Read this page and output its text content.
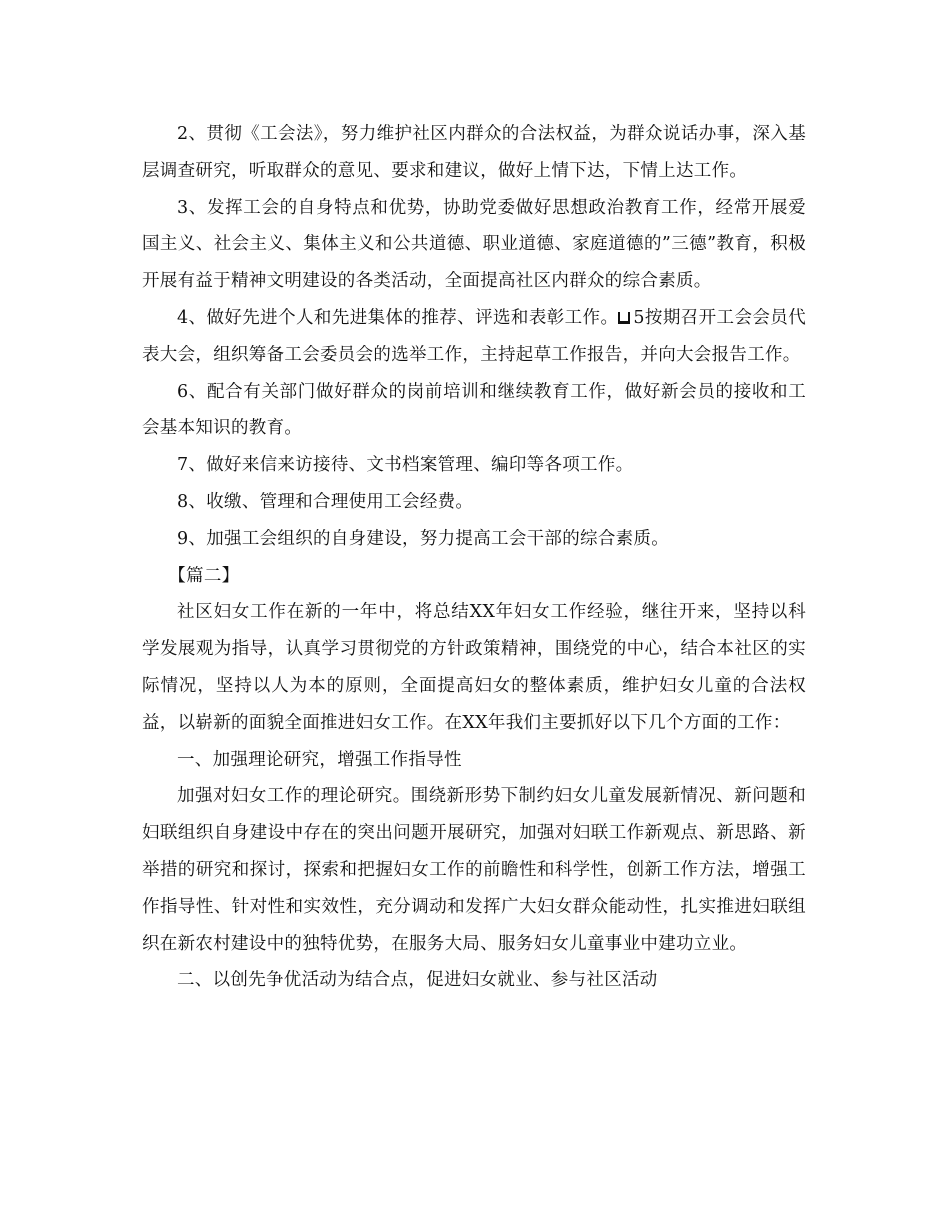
2、贯彻《工会法》，努力维护社区内群众的合法权益，为群众说话办事，深入基层调查研究，听取群众的意见、要求和建议，做好上情下达，下情上达工作。

3、发挥工会的自身特点和优势，协助党委做好思想政治教育工作，经常开展爱国主义、社会主义、集体主义和公共道德、职业道德、家庭道德的”三德”教育，积极开展有益于精神文明建设的各类活动，全面提高社区内群众的综合素质。

4、做好先进个人和先进集体的推荐、评选和表彰工作。 5按期召开工会会员代表大会，组织筹备工会委员会的选举工作，主持起草工作报告，并向大会报告工作。

6、配合有关部门做好群众的岗前培训和继续教育工作，做好新会员的接收和工会基本知识的教育。

7、做好来信来访接待、文书档案管理、编印等各项工作。

8、收缴、管理和合理使用工会经费。

9、加强工会组织的自身建设，努力提高工会干部的综合素质。

【篇二】

社区妇女工作在新的一年中，将总结XX年妇女工作经验，继往开来，坚持以科学发展观为指导，认真学习贯彻党的方针政策精神，围绕党的中心，结合本社区的实际情况，坚持以人为本的原则，全面提高妇女的整体素质，维护妇女儿童的合法权益，以崭新的面貌全面推进妇女工作。在XX年我们主要抓好以下几个方面的工作：

一、加强理论研究，增强工作指导性

加强对妇女工作的理论研究。围绕新形势下制约妇女儿童发展新情况、新问题和妇联组织自身建设中存在的突出问题开展研究，加强对妇联工作新观点、新思路、新举措的研究和探讨，探索和把握妇女工作的前瞻性和科学性，创新工作方法，增强工作指导性、针对性和实效性，充分调动和发挥广大妇女群众能动性，扎实推进妇联组织在新农村建设中的独特优势，在服务大局、服务妇女儿童事业中建功立业。

二、以创先争优活动为结合点，促进妇女就业、参与社区活动
